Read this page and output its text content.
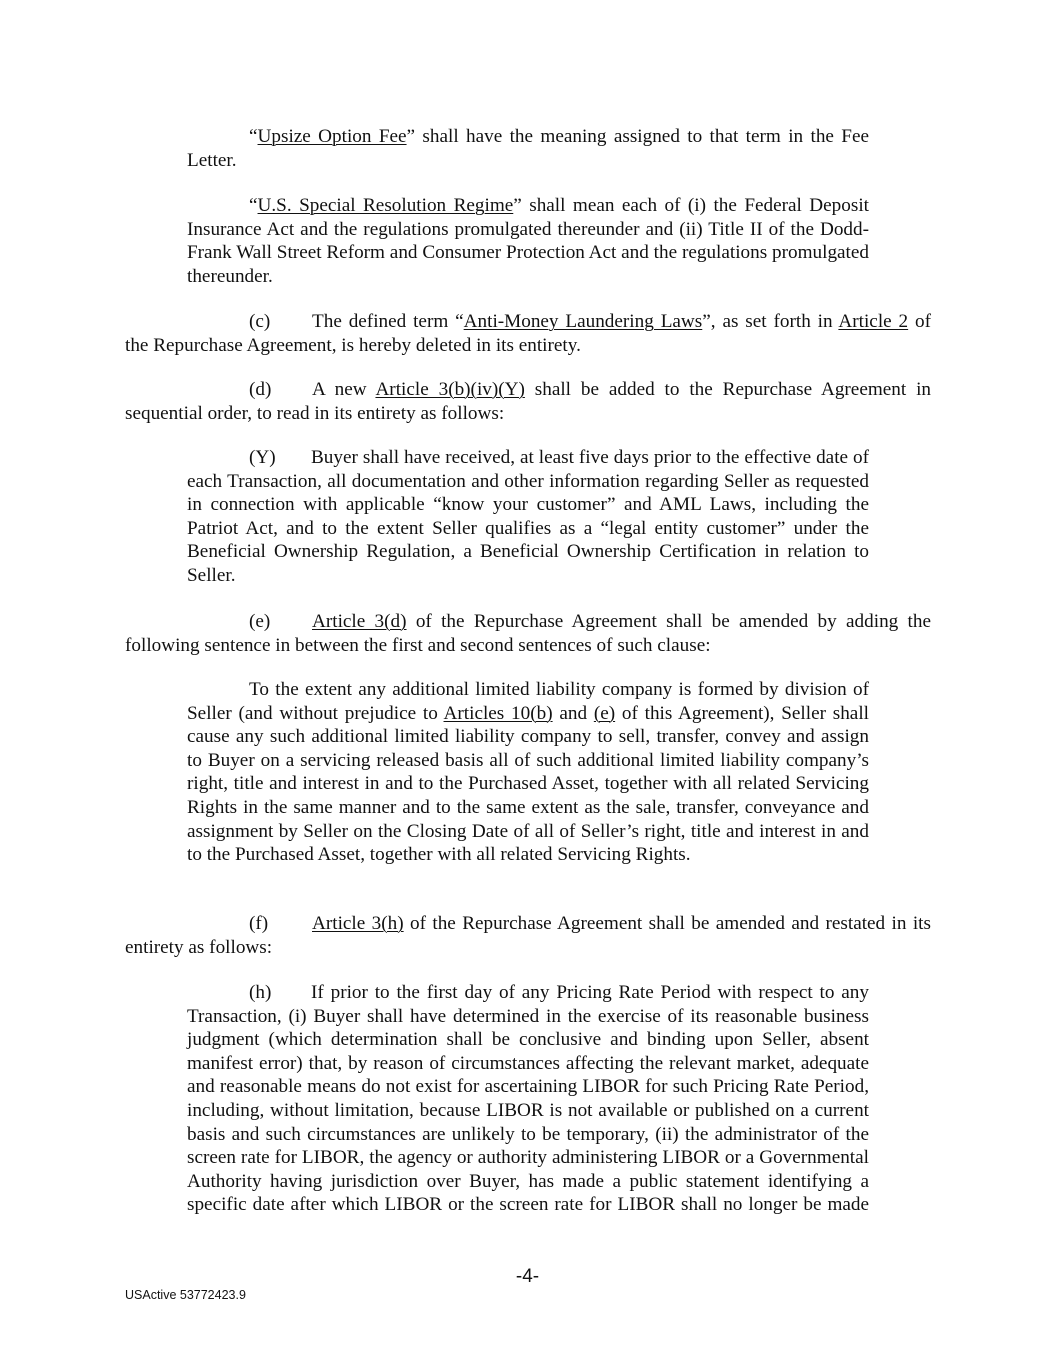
“Upsize Option Fee” shall have the meaning assigned to that term in the Fee Letter.

“U.S. Special Resolution Regime” shall mean each of (i) the Federal Deposit Insurance Act and the regulations promulgated thereunder and (ii) Title II of the Dodd-Frank Wall Street Reform and Consumer Protection Act and the regulations promulgated thereunder.

(c) The defined term “Anti-Money Laundering Laws”, as set forth in Article 2 of the Repurchase Agreement, is hereby deleted in its entirety.

(d) A new Article 3(b)(iv)(Y) shall be added to the Repurchase Agreement in sequential order, to read in its entirety as follows:

(Y) Buyer shall have received, at least five days prior to the effective date of each Transaction, all documentation and other information regarding Seller as requested in connection with applicable “know your customer” and AML Laws, including the Patriot Act, and to the extent Seller qualifies as a “legal entity customer” under the Beneficial Ownership Regulation, a Beneficial Ownership Certification in relation to Seller.

(e) Article 3(d) of the Repurchase Agreement shall be amended by adding the following sentence in between the first and second sentences of such clause:

To the extent any additional limited liability company is formed by division of Seller (and without prejudice to Articles 10(b) and (e) of this Agreement), Seller shall cause any such additional limited liability company to sell, transfer, convey and assign to Buyer on a servicing released basis all of such additional limited liability company’s right, title and interest in and to the Purchased Asset, together with all related Servicing Rights in the same manner and to the same extent as the sale, transfer, conveyance and assignment by Seller on the Closing Date of all of Seller’s right, title and interest in and to the Purchased Asset, together with all related Servicing Rights.

(f) Article 3(h) of the Repurchase Agreement shall be amended and restated in its entirety as follows:

(h) If prior to the first day of any Pricing Rate Period with respect to any Transaction, (i) Buyer shall have determined in the exercise of its reasonable business judgment (which determination shall be conclusive and binding upon Seller, absent manifest error) that, by reason of circumstances affecting the relevant market, adequate and reasonable means do not exist for ascertaining LIBOR for such Pricing Rate Period, including, without limitation, because LIBOR is not available or published on a current basis and such circumstances are unlikely to be temporary, (ii) the administrator of the screen rate for LIBOR, the agency or authority administering LIBOR or a Governmental Authority having jurisdiction over Buyer, has made a public statement identifying a specific date after which LIBOR or the screen rate for LIBOR shall no longer be made

-4-
USActive 53772423.9
